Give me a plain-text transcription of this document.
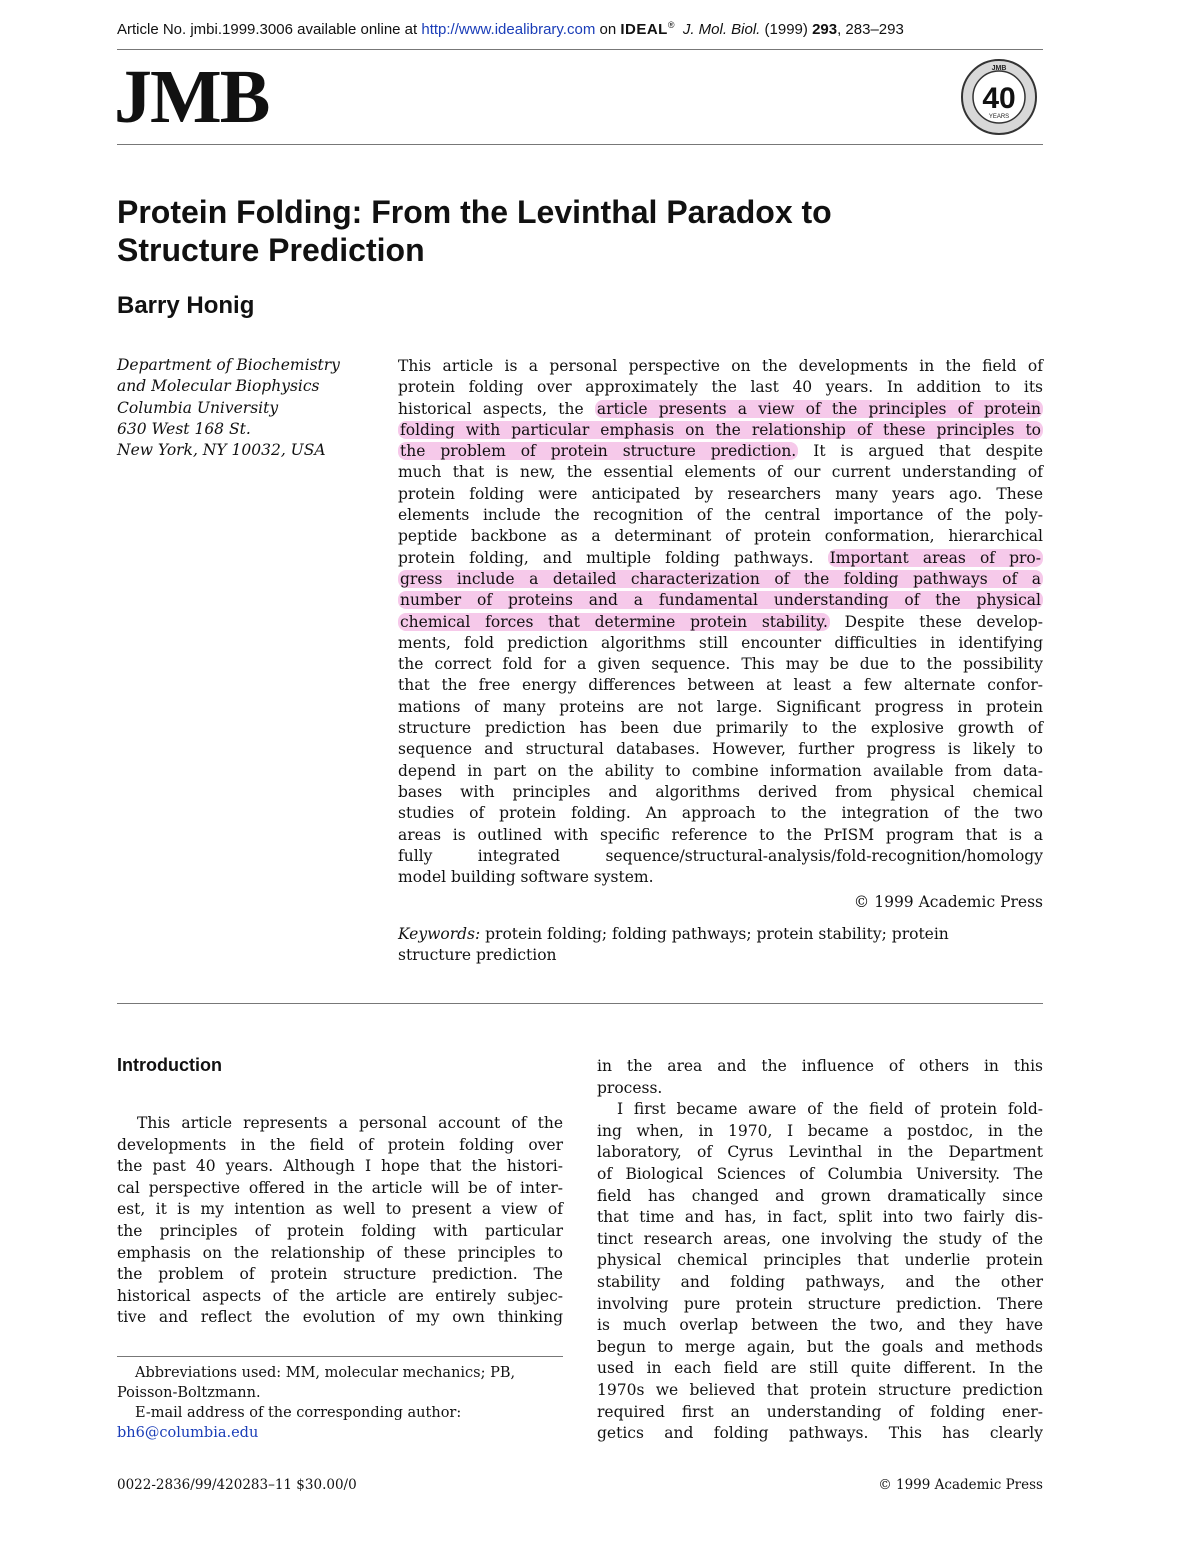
Article No. jmbi.1999.3006 available online at http://www.idealibrary.com on IDEAL® J. Mol. Biol. (1999) 293, 283–293
JMB	JMB
40
YEARS
Protein Folding: From the Levinthal Paradox to
Structure Prediction
Barry Honig
Department of Biochemistry
and Molecular Biophysics
Columbia University
630 West 168 St.
New York, NY 10032, USA
This article is a personal perspective on the developments in the field of
protein folding over approximately the last 40 years. In addition to its
historical aspects, the article presents a view of the principles of protein
folding with particular emphasis on the relationship of these principles to
the problem of protein structure prediction. It is argued that despite
much that is new, the essential elements of our current understanding of
protein folding were anticipated by researchers many years ago. These
elements include the recognition of the central importance of the poly-
peptide backbone as a determinant of protein conformation, hierarchical
protein folding, and multiple folding pathways. Important areas of pro-
gress include a detailed characterization of the folding pathways of a
number of proteins and a fundamental understanding of the physical
chemical forces that determine protein stability. Despite these develop-
ments, fold prediction algorithms still encounter difficulties in identifying
the correct fold for a given sequence. This may be due to the possibility
that the free energy differences between at least a few alternate confor-
mations of many proteins are not large. Significant progress in protein
structure prediction has been due primarily to the explosive growth of
sequence and structural databases. However, further progress is likely to
depend in part on the ability to combine information available from data-
bases with principles and algorithms derived from physical chemical
studies of protein folding. An approach to the integration of the two
areas is outlined with specific reference to the PrISM program that is a
fully integrated sequence/structural-analysis/fold-recognition/homology
model building software system.
© 1999 Academic Press
Keywords: protein folding; folding pathways; protein stability; protein
structure prediction
Introduction
This article represents a personal account of the
developments in the field of protein folding over
the past 40 years. Although I hope that the histori-
cal perspective offered in the article will be of inter-
est, it is my intention as well to present a view of
the principles of protein folding with particular
emphasis on the relationship of these principles to
the problem of protein structure prediction. The
historical aspects of the article are entirely subjec-
tive and reflect the evolution of my own thinking
in the area and the influence of others in this
process.
I first became aware of the field of protein fold-
ing when, in 1970, I became a postdoc, in the
laboratory, of Cyrus Levinthal in the Department
of Biological Sciences of Columbia University. The
field has changed and grown dramatically since
that time and has, in fact, split into two fairly dis-
tinct research areas, one involving the study of the
physical chemical principles that underlie protein
stability and folding pathways, and the other
involving pure protein structure prediction. There
is much overlap between the two, and they have
begun to merge again, but the goals and methods
used in each field are still quite different. In the
1970s we believed that protein structure prediction
required first an understanding of folding ener-
getics and folding pathways. This has clearly
Abbreviations used: MM, molecular mechanics; PB,
Poisson-Boltzmann.
E-mail address of the corresponding author:
bh6@columbia.edu
0022-2836/99/420283–11 $30.00/0	© 1999 Academic Press
